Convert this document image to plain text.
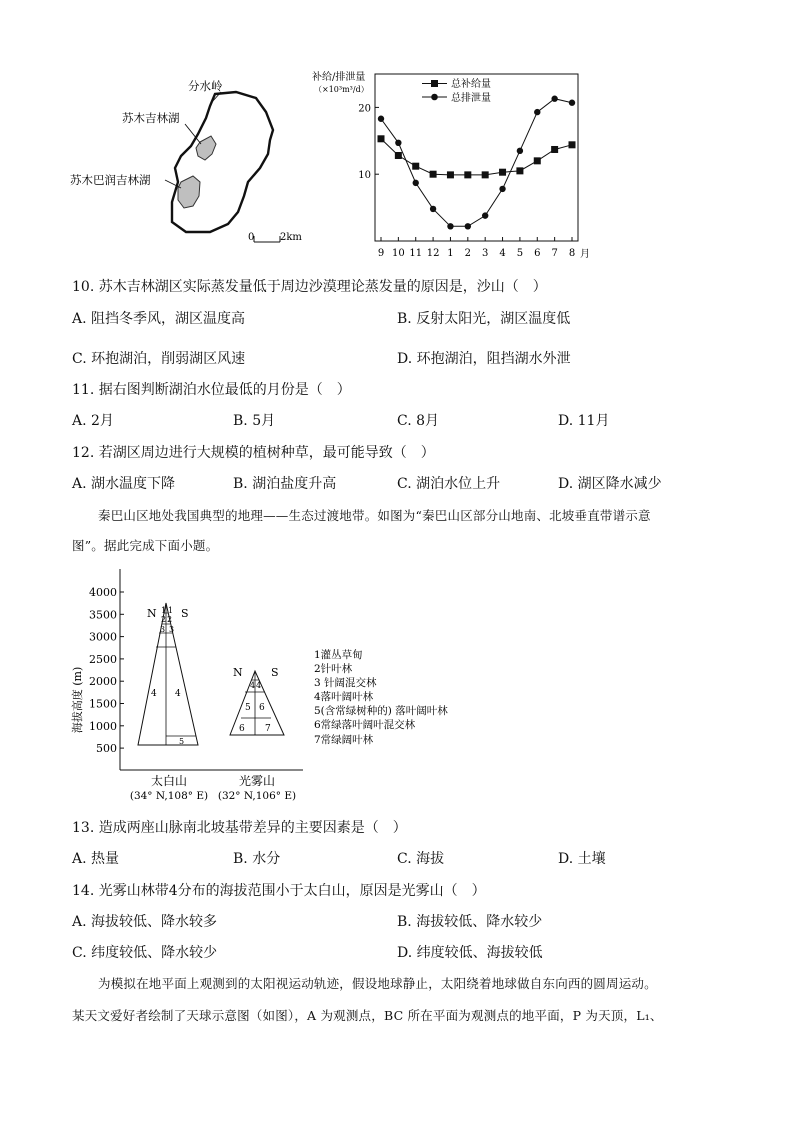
分水岭
苏木吉林湖
苏木巴润吉林湖
0	2km
补给/排泄量
（×10³m³/d）
月
9 10 11 12 1 2 3 4 5 6 7 8
10
20
总补给量
总排泄量
10. 苏木吉林湖区实际蒸发量低于周边沙漠理论蒸发量的原因是，沙山（　）
A. 阻挡冬季风，湖区温度高	B. 反射太阳光，湖区温度低
C. 环抱湖泊，削弱湖区风速	D. 环抱湖泊，阻挡湖水外泄
11. 据右图判断湖泊水位最低的月份是（　）
A. 2月	B. 5月	C. 8月	D. 11月
12. 若湖区周边进行大规模的植树种草，最可能导致（　）
A. 湖水温度下降	B. 湖泊盐度升高	C. 湖泊水位上升	D. 湖区降水减少
秦巴山区地处我国典型的地理——生态过渡地带。如图为“秦巴山区部分山地南、北坡垂直带谱示意
图”。据此完成下面小题。
海拔高度 (m)
4000
3500
3000
2500
2000
1500
1000
500
N S
1 1
2 2
3 3
4 4
5
N	S
4 4
5 6
6 7
太白山
(34° N,108° E)
光雾山
(32° N,106° E)
1灌丛草甸
2针叶林
3 针阔混交林
4落叶阔叶林
5(含常绿树种的) 落叶阔叶林
6常绿落叶阔叶混交林
7常绿阔叶林
13. 造成两座山脉南北坡基带差异的主要因素是（　）
A. 热量	B. 水分	C. 海拔	D. 土壤
14. 光雾山林带4分布的海拔范围小于太白山，原因是光雾山（　）
A. 海拔较低、降水较多	B. 海拔较低、降水较少
C. 纬度较低、降水较少	D. 纬度较低、海拔较低
为模拟在地平面上观测到的太阳视运动轨迹，假设地球静止，太阳绕着地球做自东向西的圆周运动。
某天文爱好者绘制了天球示意图（如图），A 为观测点，BC 所在平面为观测点的地平面，P 为天顶，L₁、
